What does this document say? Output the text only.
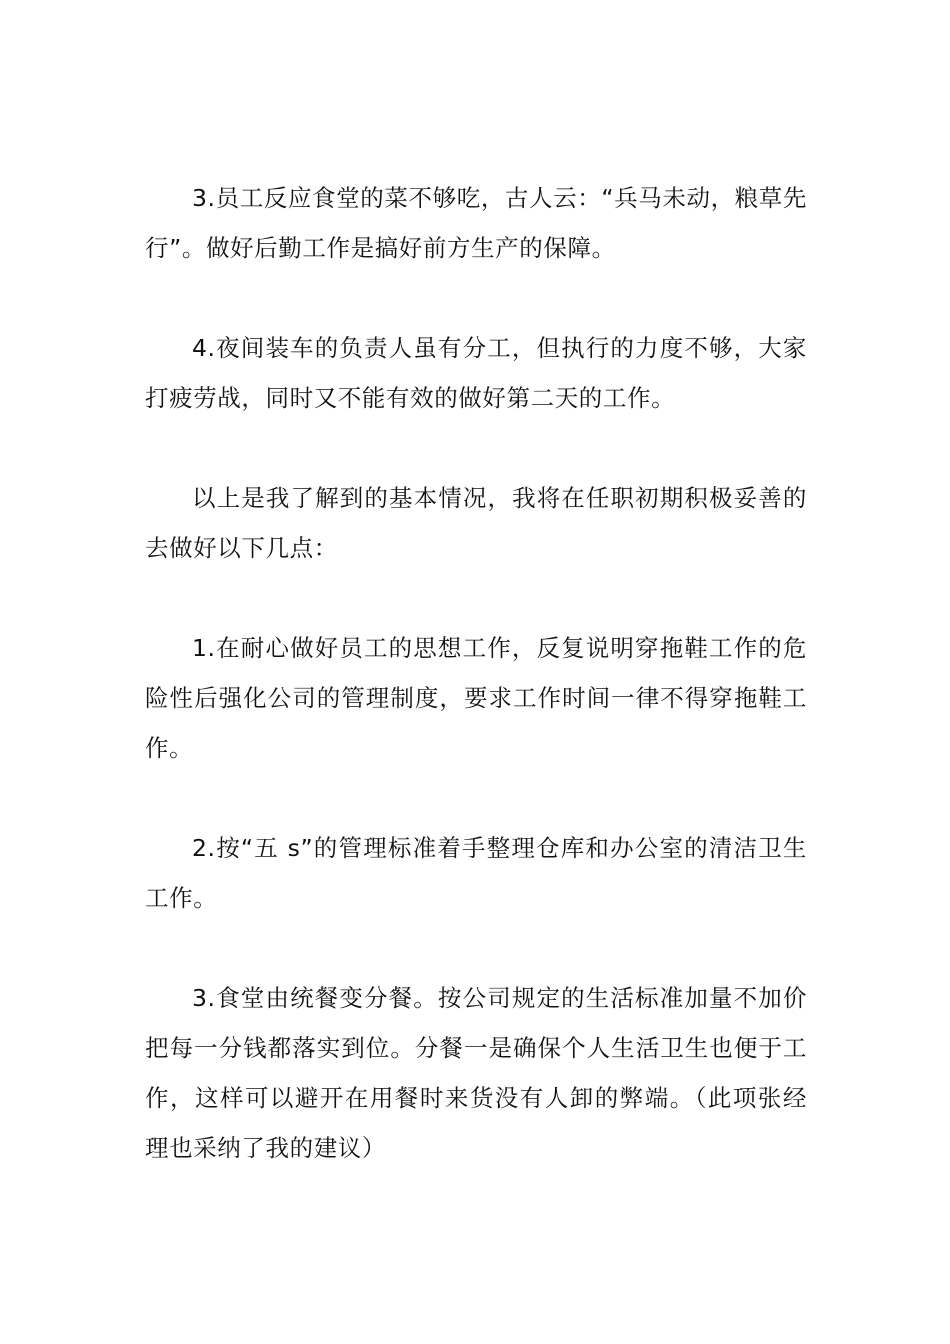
3.员工反应食堂的菜不够吃，古人云：“兵马未动，粮草先行”。做好后勤工作是搞好前方生产的保障。

4.夜间装车的负责人虽有分工，但执行的力度不够，大家打疲劳战，同时又不能有效的做好第二天的工作。

以上是我了解到的基本情况，我将在任职初期积极妥善的去做好以下几点：

1.在耐心做好员工的思想工作，反复说明穿拖鞋工作的危险性后强化公司的管理制度，要求工作时间一律不得穿拖鞋工作。

2.按“五 s”的管理标准着手整理仓库和办公室的清洁卫生工作。

3.食堂由统餐变分餐。按公司规定的生活标准加量不加价把每一分钱都落实到位。分餐一是确保个人生活卫生也便于工作，这样可以避开在用餐时来货没有人卸的弊端。（此项张经理也采纳了我的建议）
